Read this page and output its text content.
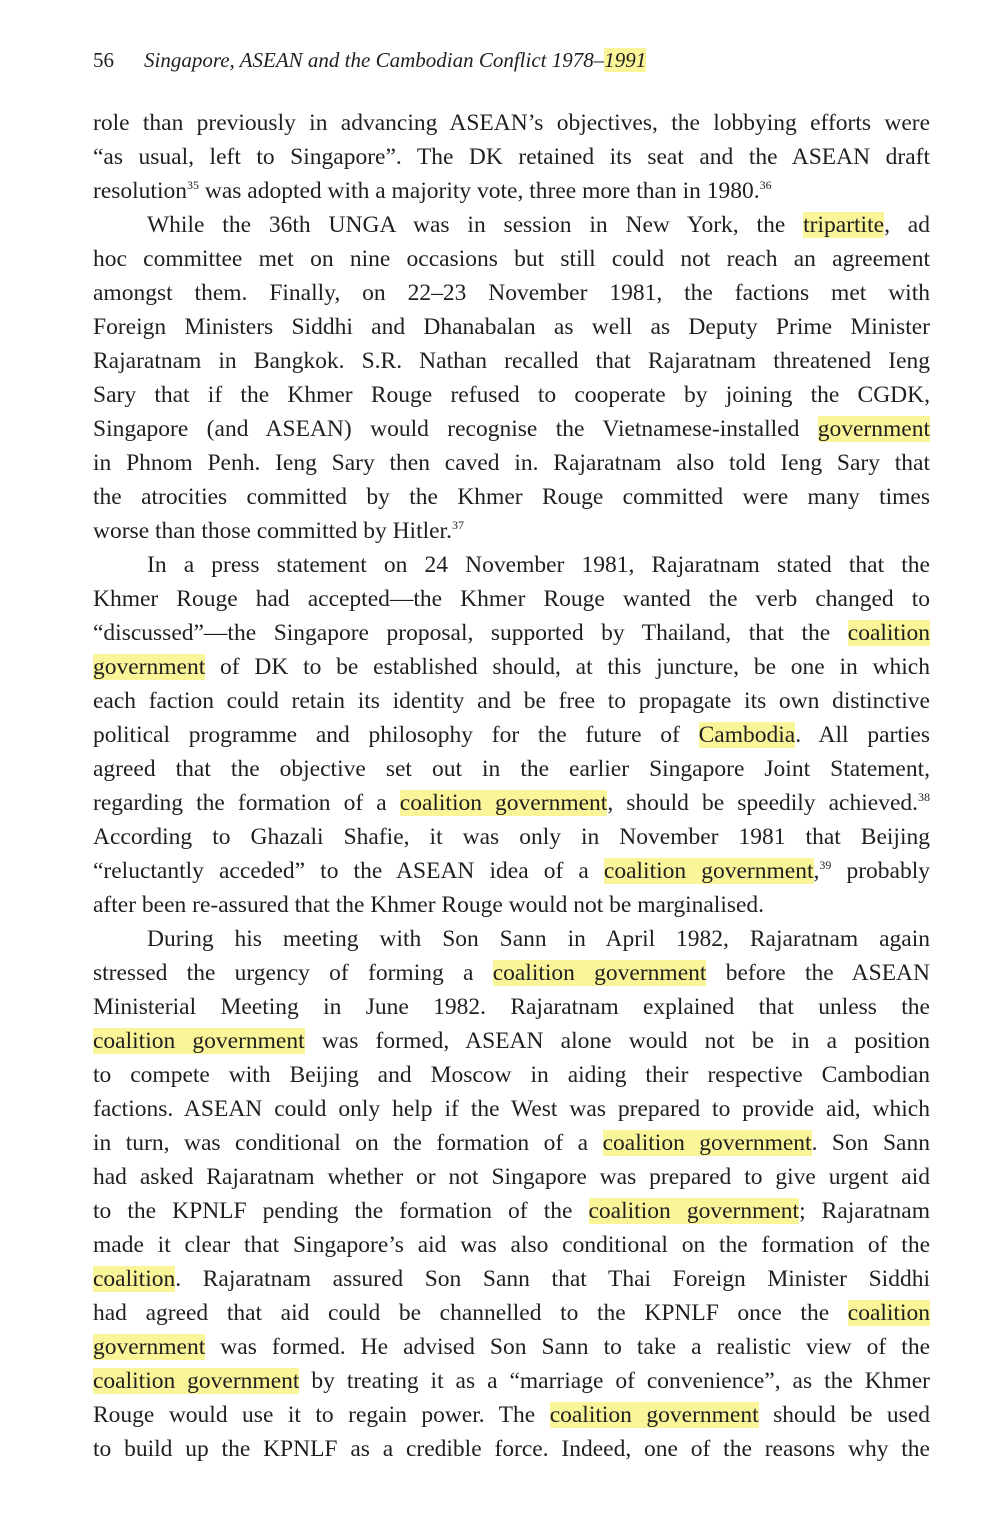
56 Singapore, ASEAN and the Cambodian Conflict 1978–1991
role than previously in advancing ASEAN’s objectives, the lobbying efforts were
“as usual, left to Singapore”. The DK retained its seat and the ASEAN draft
resolution$^{35}$ was adopted with a majority vote, three more than in 1980.36
While the 36th UNGA was in session in New York, the tripartite, ad
hoc committee met on nine occasions but still could not reach an agreement
amongst them. Finally, on 22–23 November 1981, the factions met with
Foreign Ministers Siddhi and Dhanabalan as well as Deputy Prime Minister
Rajaratnam in Bangkok. S.R. Nathan recalled that Rajaratnam threatened Ieng
Sary that if the Khmer Rouge refused to cooperate by joining the CGDK,
Singapore (and ASEAN) would recognise the Vietnamese-installed government
in Phnom Penh. Ieng Sary then caved in. Rajaratnam also told Ieng Sary that
the atrocities committed by the Khmer Rouge committed were many times
worse than those committed by Hitler.$^{37}$
In a press statement on 24 November 1981, Rajaratnam stated that the
Khmer Rouge had accepted—the Khmer Rouge wanted the verb changed to
“discussed”—the Singapore proposal, supported by Thailand, that the coalition
government of DK to be established should, at this juncture, be one in which
each faction could retain its identity and be free to propagate its own distinctive
political programme and philosophy for the future of Cambodia. All parties
agreed that the objective set out in the earlier Singapore Joint Statement,
regarding the formation of a coalition government, should be speedily achieved.$^{38}$
According to Ghazali Shafie, it was only in November 1981 that Beijing
“reluctantly acceded” to the ASEAN idea of a coalition government,$^{39}$ probably
after been re-assured that the Khmer Rouge would not be marginalised.
During his meeting with Son Sann in April 1982, Rajaratnam again
stressed the urgency of forming a coalition government before the ASEAN
Ministerial Meeting in June 1982. Rajaratnam explained that unless the
coalition government was formed, ASEAN alone would not be in a position
to compete with Beijing and Moscow in aiding their respective Cambodian
factions. ASEAN could only help if the West was prepared to provide aid, which
in turn, was conditional on the formation of a coalition government. Son Sann
had asked Rajaratnam whether or not Singapore was prepared to give urgent aid
to the KPNLF pending the formation of the coalition government; Rajaratnam
made it clear that Singapore’s aid was also conditional on the formation of the
coalition. Rajaratnam assured Son Sann that Thai Foreign Minister Siddhi
had agreed that aid could be channelled to the KPNLF once the coalition
government was formed. He advised Son Sann to take a realistic view of the
coalition government by treating it as a “marriage of convenience”, as the Khmer
Rouge would use it to regain power. The coalition government should be used
to build up the KPNLF as a credible force. Indeed, one of the reasons why the
